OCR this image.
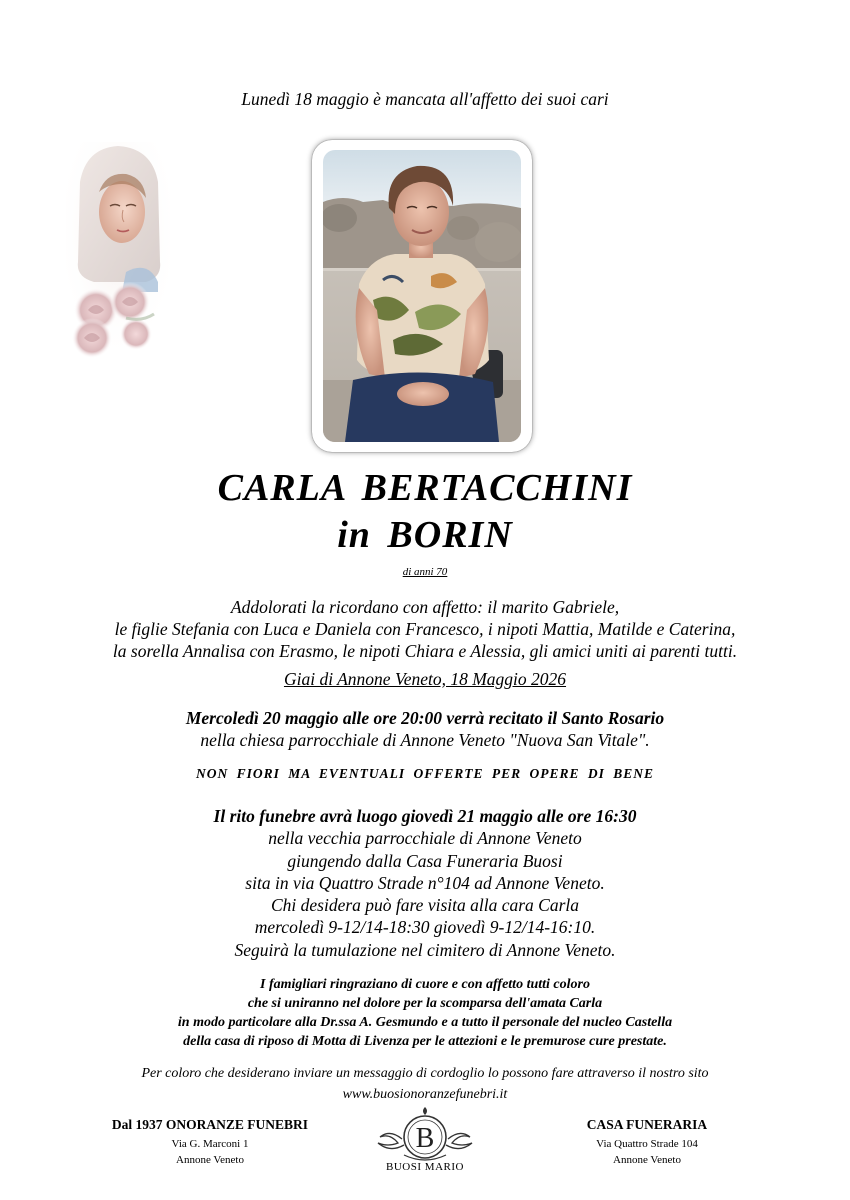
Lunedì 18 maggio è mancata all'affetto dei suoi cari
CARLA BERTACCHINI
in BORIN
di anni 70
Addolorati la ricordano con affetto: il marito Gabriele,
le figlie Stefania con Luca e Daniela con Francesco, i nipoti Mattia, Matilde e Caterina,
la sorella Annalisa con Erasmo, le nipoti Chiara e Alessia, gli amici uniti ai parenti tutti.
Giai di Annone Veneto, 18 Maggio 2026
Mercoledì 20 maggio alle ore 20:00 verrà recitato il Santo Rosario
nella chiesa parrocchiale di Annone Veneto "Nuova San Vitale".
NON FIORI MA EVENTUALI OFFERTE PER OPERE DI BENE
Il rito funebre avrà luogo giovedì 21 maggio alle ore 16:30
nella vecchia parrocchiale di Annone Veneto
giungendo dalla Casa Funeraria Buosi
sita in via Quattro Strade n°104 ad Annone Veneto.
Chi desidera può fare visita alla cara Carla
mercoledì 9-12/14-18:30 giovedì 9-12/14-16:10.
Seguirà la tumulazione nel cimitero di Annone Veneto.
I famigliari ringraziano di cuore e con affetto tutti coloro
che si uniranno nel dolore per la scomparsa dell'amata Carla
in modo particolare alla Dr.ssa A. Gesmundo e a tutto il personale del nucleo Castella
della casa di riposo di Motta di Livenza per le attezioni e le premurose cure prestate.
Per coloro che desiderano inviare un messaggio di cordoglio lo possono fare attraverso il nostro sito
www.buosionoranzefunebri.it
Dal 1937 ONORANZE FUNEBRI
Via G. Marconi 1
Annone Veneto
B
BUOSI MARIO
CASA FUNERARIA
Via Quattro Strade 104
Annone Veneto
